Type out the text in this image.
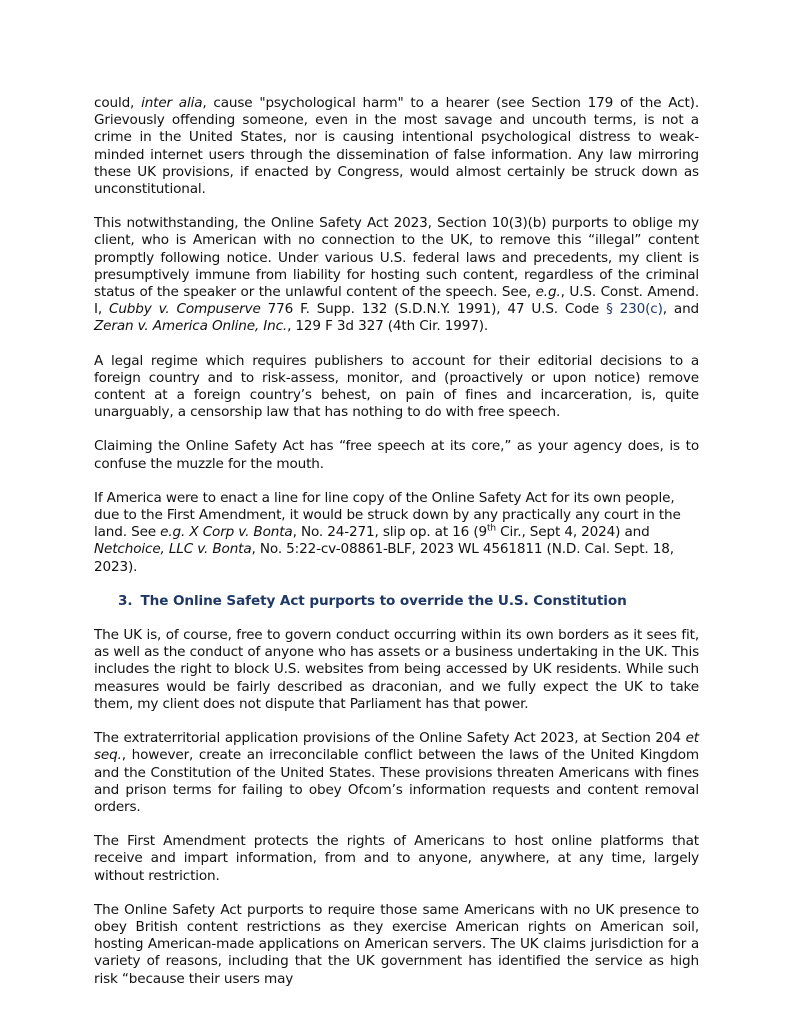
could, inter alia, cause "psychological harm" to a hearer (see Section 179 of the Act). Grievously offending someone, even in the most savage and uncouth terms, is not a crime in the United States, nor is causing intentional psychological distress to weak-minded internet users through the dissemination of false information. Any law mirroring these UK provisions, if enacted by Congress, would almost certainly be struck down as unconstitutional.

This notwithstanding, the Online Safety Act 2023, Section 10(3)(b) purports to oblige my client, who is American with no connection to the UK, to remove this “illegal” content promptly following notice. Under various U.S. federal laws and precedents, my client is presumptively immune from liability for hosting such content, regardless of the criminal status of the speaker or the unlawful content of the speech. See, e.g., U.S. Const. Amend. I, Cubby v. Compuserve 776 F. Supp. 132 (S.D.N.Y. 1991), 47 U.S. Code § 230(c), and Zeran v. America Online, Inc., 129 F 3d 327 (4th Cir. 1997).

A legal regime which requires publishers to account for their editorial decisions to a foreign country and to risk-assess, monitor, and (proactively or upon notice) remove content at a foreign country’s behest, on pain of fines and incarceration, is, quite unarguably, a censorship law that has nothing to do with free speech.

Claiming the Online Safety Act has “free speech at its core,” as your agency does, is to confuse the muzzle for the mouth.

If America were to enact a line for line copy of the Online Safety Act for its own people, due to the First Amendment, it would be struck down by any practically any court in the land. See e.g. X Corp v. Bonta, No. 24-271, slip op. at 16 (9th Cir., Sept 4, 2024) and Netchoice, LLC v. Bonta, No. 5:22-cv-08861-BLF, 2023 WL 4561811 (N.D. Cal. Sept. 18, 2023).

3. The Online Safety Act purports to override the U.S. Constitution

The UK is, of course, free to govern conduct occurring within its own borders as it sees fit, as well as the conduct of anyone who has assets or a business undertaking in the UK. This includes the right to block U.S. websites from being accessed by UK residents. While such measures would be fairly described as draconian, and we fully expect the UK to take them, my client does not dispute that Parliament has that power.

The extraterritorial application provisions of the Online Safety Act 2023, at Section 204 et seq., however, create an irreconcilable conflict between the laws of the United Kingdom and the Constitution of the United States. These provisions threaten Americans with fines and prison terms for failing to obey Ofcom’s information requests and content removal orders.

The First Amendment protects the rights of Americans to host online platforms that receive and impart information, from and to anyone, anywhere, at any time, largely without restriction.

The Online Safety Act purports to require those same Americans with no UK presence to obey British content restrictions as they exercise American rights on American soil, hosting American-made applications on American servers. The UK claims jurisdiction for a variety of reasons, including that the UK government has identified the service as high risk “because their users may
